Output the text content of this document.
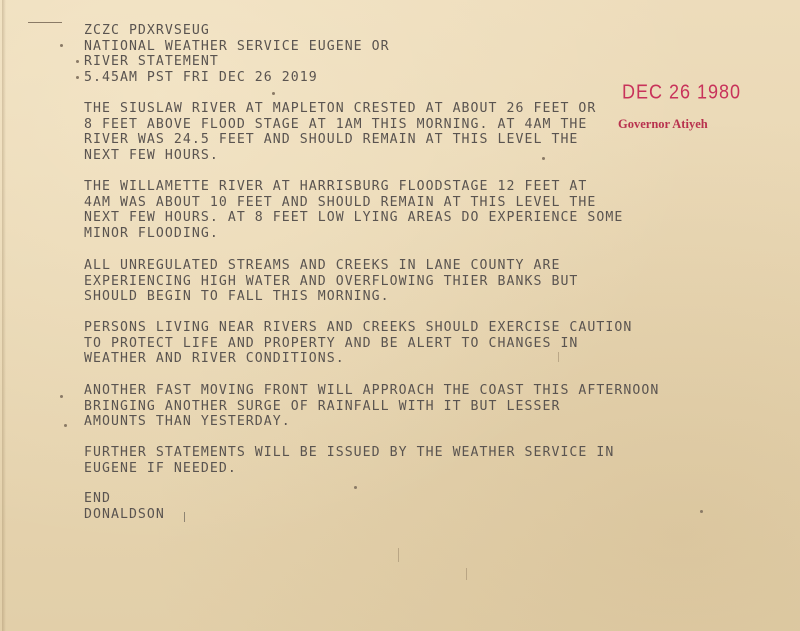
ZCZC PDXRVSEUG
NATIONAL WEATHER SERVICE EUGENE OR
RIVER STATEMENT
5.45AM PST FRI DEC 26 2019
THE SIUSLAW RIVER AT MAPLETON CRESTED AT ABOUT 26 FEET OR
8 FEET ABOVE FLOOD STAGE AT 1AM THIS MORNING. AT 4AM THE
RIVER WAS 24.5 FEET AND SHOULD REMAIN AT THIS LEVEL THE
NEXT FEW HOURS.
THE WILLAMETTE RIVER AT HARRISBURG FLOODSTAGE 12 FEET AT
4AM WAS ABOUT 10 FEET AND SHOULD REMAIN AT THIS LEVEL THE
NEXT FEW HOURS. AT 8 FEET LOW LYING AREAS DO EXPERIENCE SOME
MINOR FLOODING.
ALL UNREGULATED STREAMS AND CREEKS IN LANE COUNTY ARE
EXPERIENCING HIGH WATER AND OVERFLOWING THIER BANKS BUT
SHOULD BEGIN TO FALL THIS MORNING.
PERSONS LIVING NEAR RIVERS AND CREEKS SHOULD EXERCISE CAUTION
TO PROTECT LIFE AND PROPERTY AND BE ALERT TO CHANGES IN
WEATHER AND RIVER CONDITIONS.
ANOTHER FAST MOVING FRONT WILL APPROACH THE COAST THIS AFTERNOON
BRINGING ANOTHER SURGE OF RAINFALL WITH IT BUT LESSER
AMOUNTS THAN YESTERDAY.
FURTHER STATEMENTS WILL BE ISSUED BY THE WEATHER SERVICE IN
EUGENE IF NEEDED.
END
DONALDSON
DEC 26 1980
Governor Atiyeh
